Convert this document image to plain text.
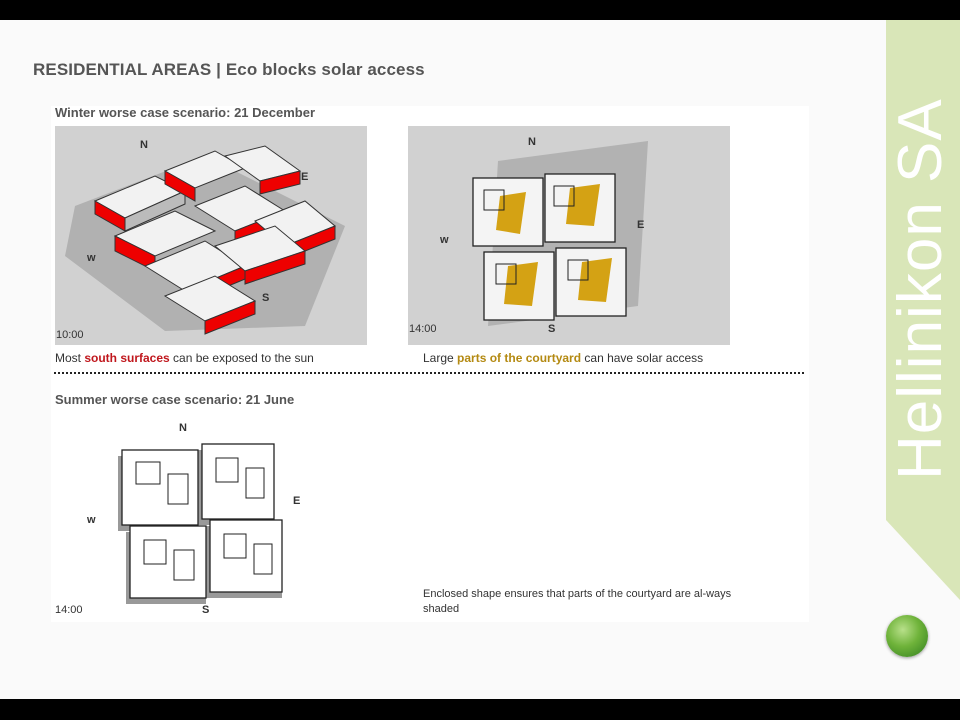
Hellinikon SA
RESIDENTIAL AREAS | Eco blocks solar access
Winter worse case scenario: 21 December
N
E
w
S
10:00
N
E
w
S
14:00
Most south surfaces can be exposed to the sun	Large parts of the courtyard can have solar access
Summer worse case scenario: 21 June
N
E
w
S
14:00
Enclosed shape ensures that parts of the courtyard are al-ways shaded
